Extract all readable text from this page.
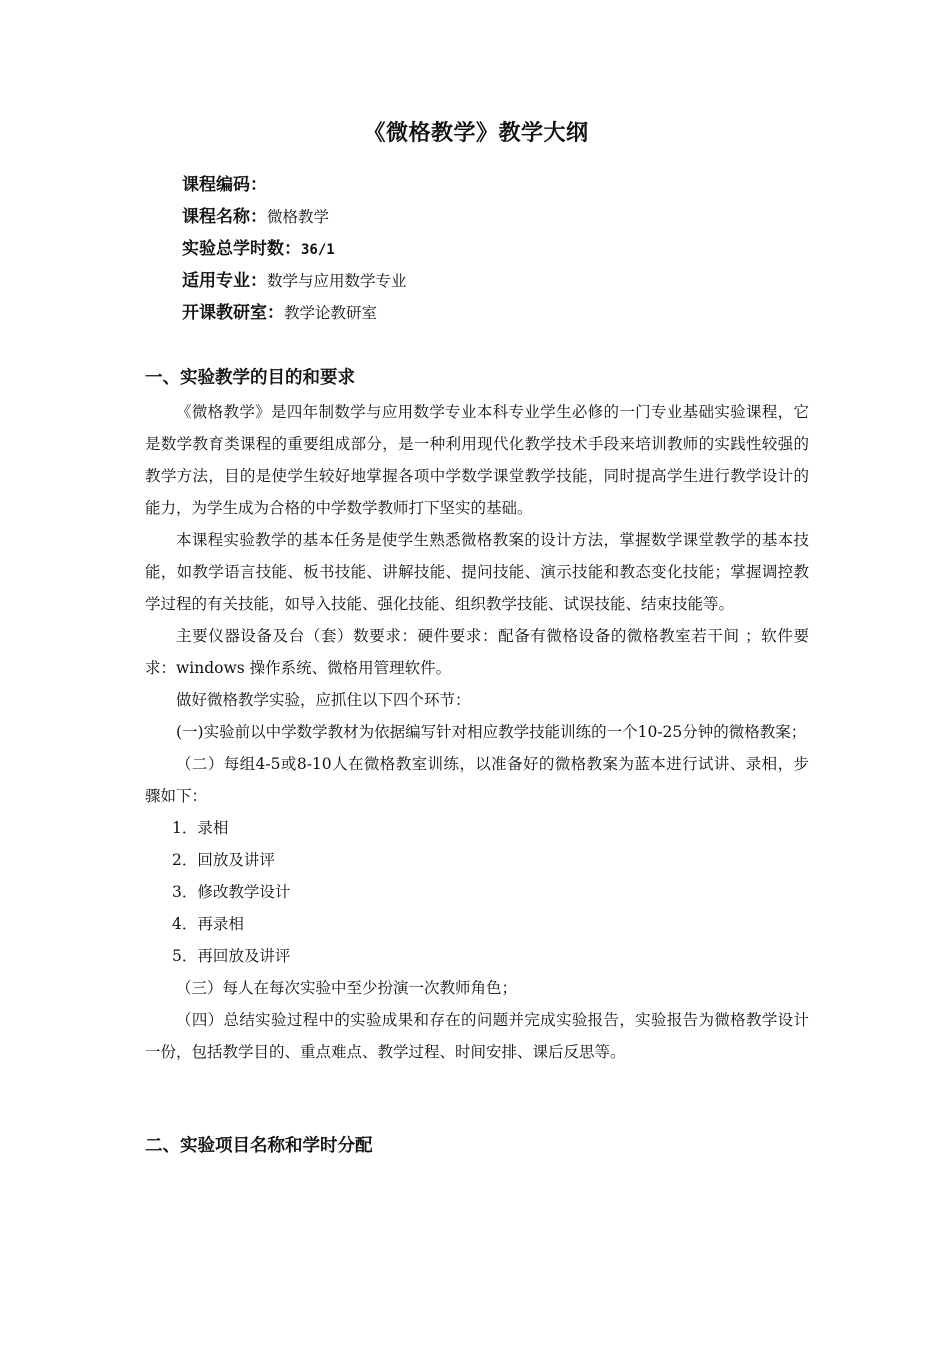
《微格教学》教学大纲
课程编码：
课程名称：微格教学
实验总学时数：36/1
适用专业：数学与应用数学专业
开课教研室：教学论教研室
一、实验教学的目的和要求

《微格教学》是四年制数学与应用数学专业本科专业学生必修的一门专业基础实验课程，它是数学教育类课程的重要组成部分，是一种利用现代化教学技术手段来培训教师的实践性较强的教学方法，目的是使学生较好地掌握各项中学数学课堂教学技能，同时提高学生进行教学设计的能力，为学生成为合格的中学数学教师打下坚实的基础。

本课程实验教学的基本任务是使学生熟悉微格教案的设计方法，掌握数学课堂教学的基本技能，如教学语言技能、板书技能、讲解技能、提问技能、演示技能和教态变化技能；掌握调控教学过程的有关技能，如导入技能、强化技能、组织教学技能、试误技能、结束技能等。

主要仪器设备及台（套）数要求：硬件要求：配备有微格设备的微格教室若干间 ；软件要求：windows 操作系统、微格用管理软件。

做好微格教学实验，应抓住以下四个环节：

(一)实验前以中学数学教材为依据编写针对相应教学技能训练的一个10-25分钟的微格教案；

（二）每组4-5或8-10人在微格教室训练，以准备好的微格教案为蓝本进行试讲、录相，步骤如下：

1．录相

2．回放及讲评

3．修改教学设计

4．再录相

5．再回放及讲评

（三）每人在每次实验中至少扮演一次教师角色；

（四）总结实验过程中的实验成果和存在的问题并完成实验报告，实验报告为微格教学设计一份，包括教学目的、重点难点、教学过程、时间安排、课后反思等。

二、实验项目名称和学时分配
